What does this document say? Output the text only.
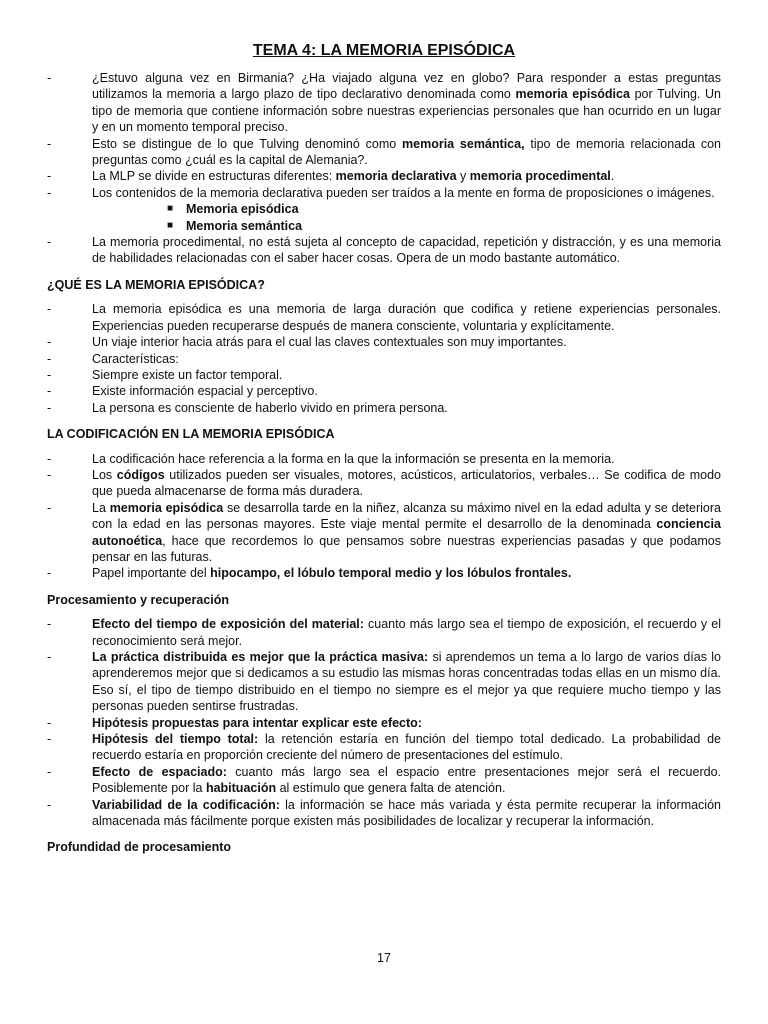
TEMA 4: LA MEMORIA EPISÓDICA
-	¿Estuvo alguna vez en Birmania? ¿Ha viajado alguna vez en globo? Para responder a estas preguntas utilizamos la memoria a largo plazo de tipo declarativo denominada como memoria episódica por Tulving. Un tipo de memoria que contiene información sobre nuestras experiencias personales que han ocurrido en un lugar y en un momento temporal preciso.
-	Esto se distingue de lo que Tulving denominó como memoria semántica, tipo de memoria relacionada con preguntas como ¿cuál es la capital de Alemania?.
-	La MLP se divide en estructuras diferentes: memoria declarativa y memoria procedimental.
-	Los contenidos de la memoria declarativa pueden ser traídos a la mente en forma de proposiciones o imágenes.
■	Memoria episódica
■	Memoria semántica
-	La memoria procedimental, no está sujeta al concepto de capacidad, repetición y distracción, y es una memoria de habilidades relacionadas con el saber hacer cosas. Opera de un modo bastante automático.
¿QUÉ ES LA MEMORIA EPISÓDICA?
-	La memoria episódica es una memoria de larga duración que codifica y retiene experiencias personales. Experiencias pueden recuperarse después de manera consciente, voluntaria y explícitamente.
-	Un viaje interior hacia atrás para el cual las claves contextuales son muy importantes.
-	Características:
-	Siempre existe un factor temporal.
-	Existe información espacial y perceptivo.
-	La persona es consciente de haberlo vivido en primera persona.
LA CODIFICACIÓN EN LA MEMORIA EPISÓDICA
-	La codificación hace referencia a la forma en la que la información se presenta en la memoria.
-	Los códigos utilizados pueden ser visuales, motores, acústicos, articulatorios, verbales… Se codifica de modo que pueda almacenarse de forma más duradera.
-	La memoria episódica se desarrolla tarde en la niñez, alcanza su máximo nivel en la edad adulta y se deteriora con la edad en las personas mayores. Este viaje mental permite el desarrollo de la denominada conciencia autonoética, hace que recordemos lo que pensamos sobre nuestras experiencias pasadas y que podamos pensar en las futuras.
-	Papel importante del hipocampo, el lóbulo temporal medio y los lóbulos frontales.
Procesamiento y recuperación
-	Efecto del tiempo de exposición del material: cuanto más largo sea el tiempo de exposición, el recuerdo y el reconocimiento será mejor.
-	La práctica distribuida es mejor que la práctica masiva: si aprendemos un tema a lo largo de varios días lo aprenderemos mejor que si dedicamos a su estudio las mismas horas concentradas todas ellas en un mismo día. Eso sí, el tipo de tiempo distribuido en el tiempo no siempre es el mejor ya que requiere mucho tiempo y las personas pueden sentirse frustradas.
-	Hipótesis propuestas para intentar explicar este efecto:
-	Hipótesis del tiempo total: la retención estaría en función del tiempo total dedicado. La probabilidad de recuerdo estaría en proporción creciente del número de presentaciones del estímulo.
-	Efecto de espaciado: cuanto más largo sea el espacio entre presentaciones mejor será el recuerdo. Posiblemente por la habituación al estímulo que genera falta de atención.
-	Variabilidad de la codificación: la información se hace más variada y ésta permite recuperar la información almacenada más fácilmente porque existen más posibilidades de localizar y recuperar la información.
Profundidad de procesamiento
17
